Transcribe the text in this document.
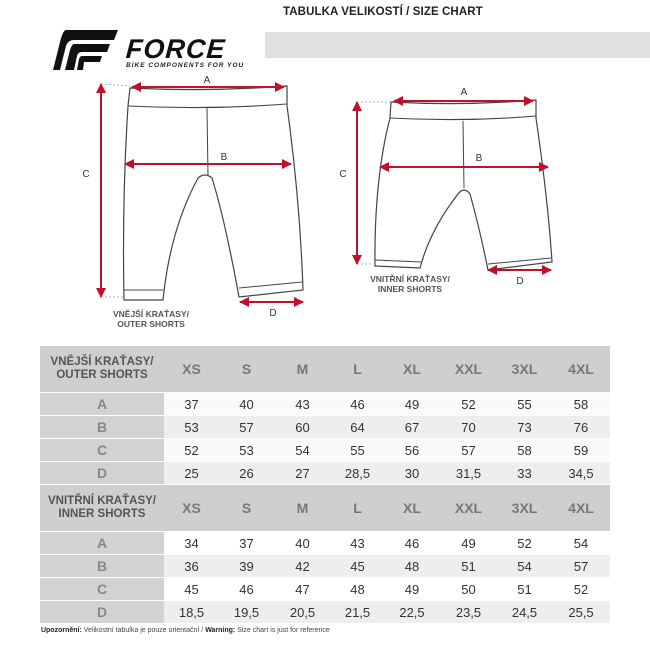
TABULKA VELIKOSTÍ / SIZE CHART
FORCE
BIKE COMPONENTS FOR YOU
A
B
C
D
A
B
C
D
VNĚJŠÍ KRAŤASY/
OUTER SHORTS
VNITŘNÍ KRAŤASY/
INNER SHORTS
VNĚJŠÍ KRAŤASY/
OUTER SHORTS	XS	S	M	L	XL	XXL	3XL	4XL
A	37	40	43	46	49	52	55	58
B	53	57	60	64	67	70	73	76
C	52	53	54	55	56	57	58	59
D	25	26	27	28,5	30	31,5	33	34,5

VNITŘNÍ KRAŤASY/
INNER SHORTS	XS	S	M	L	XL	XXL	3XL	4XL
A	34	37	40	43	46	49	52	54
B	36	39	42	45	48	51	54	57
C	45	46	47	48	49	50	51	52
D	18,5	19,5	20,5	21,5	22,5	23,5	24,5	25,5
Upozornění: Velikostní tabulka je pouze orientační / Warning: Size chart is just for reference
